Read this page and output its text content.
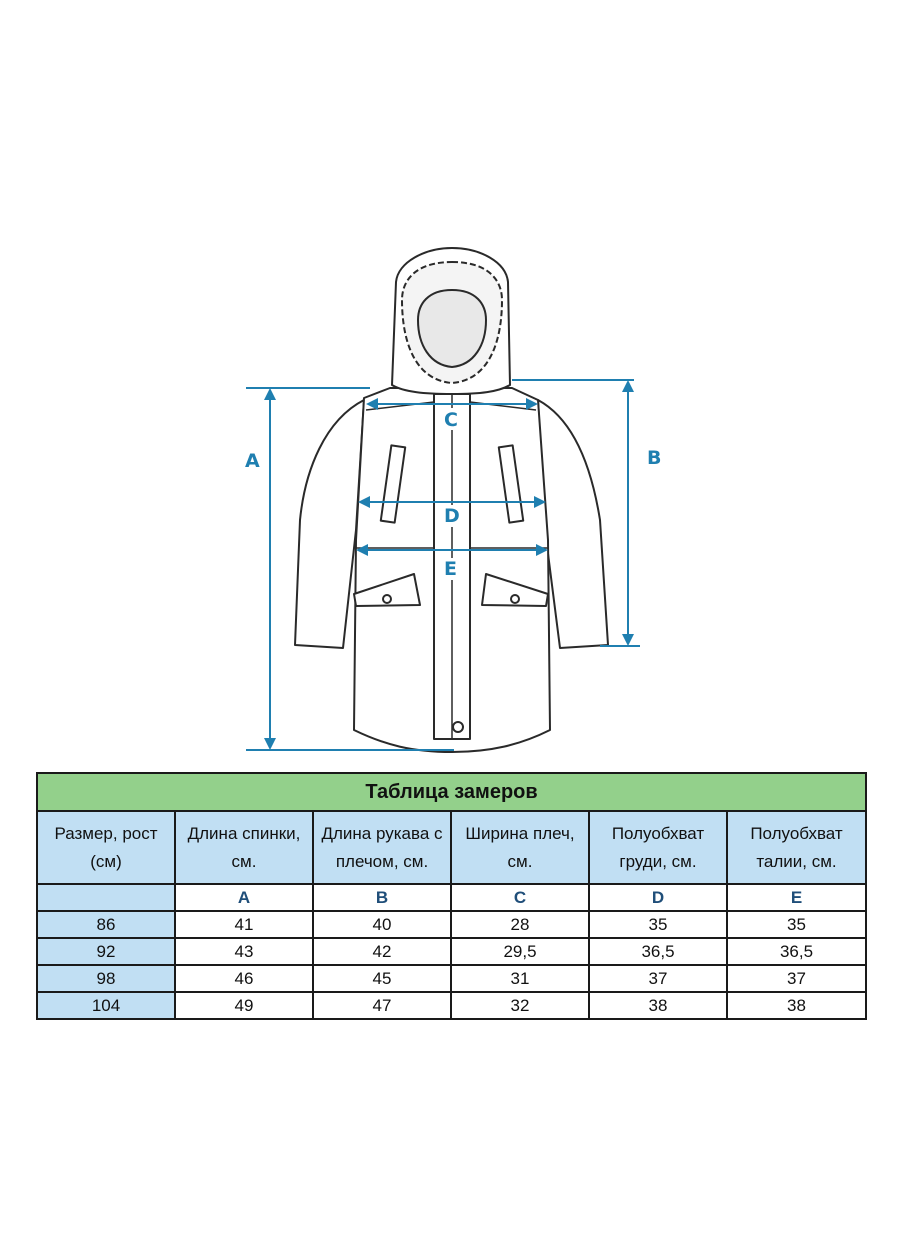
A	B
C
D
E
Таблица замеров					
Размер, рост (см)	Длина спинки, см.	Длина рукава с плечом, см.	Ширина плеч, см.	Полуобхват груди, см.	Полуобхват талии, см.
	A	B	C	D	E
86	41	40	28	35	35
92	43	42	29,5	36,5	36,5
98	46	45	31	37	37
104	49	47	32	38	38
